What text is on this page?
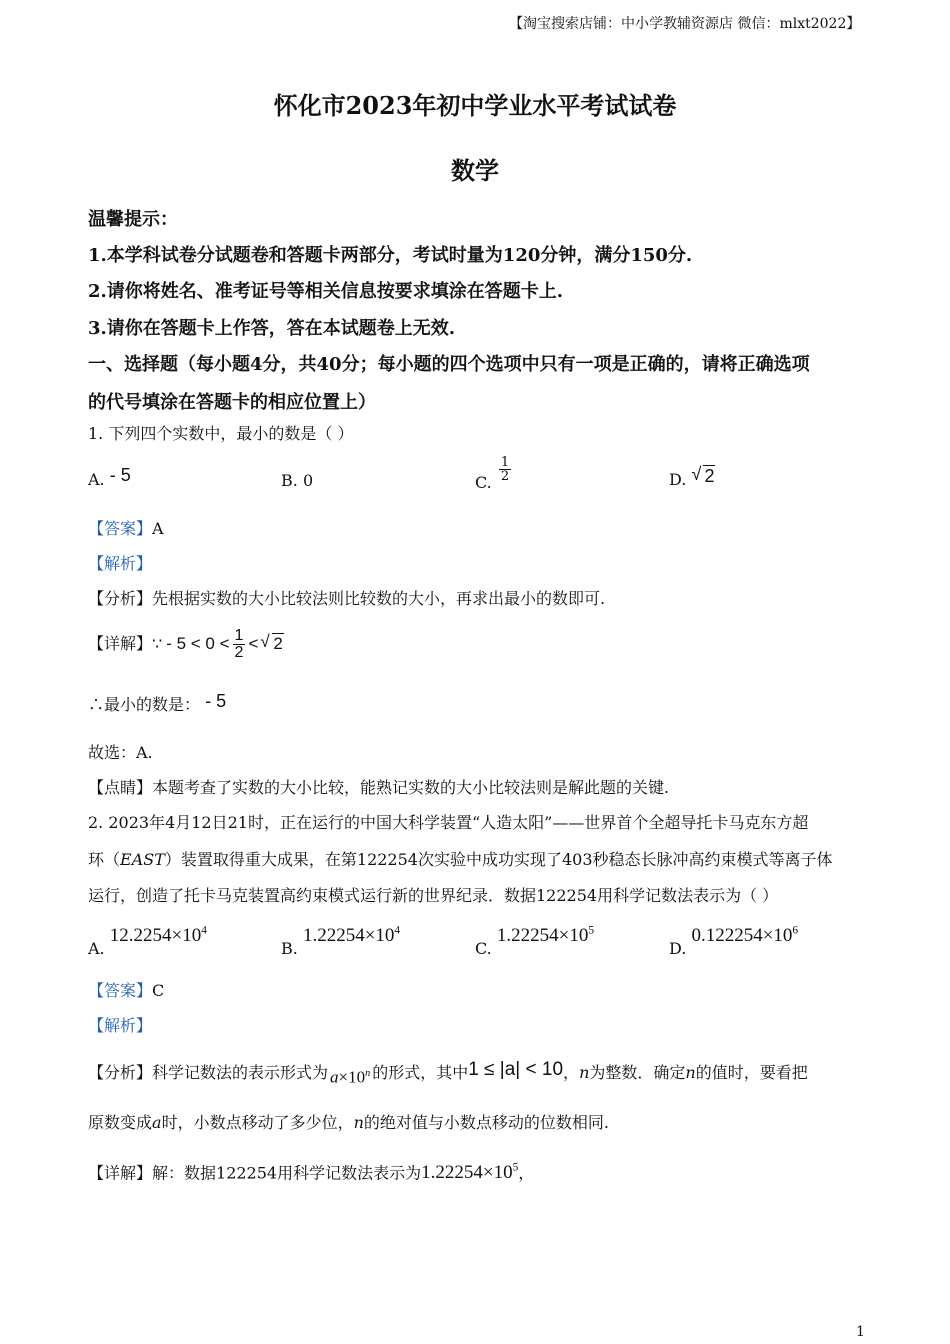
【淘宝搜索店铺：中小学教辅资源店 微信：mlxt2022】
怀化市2023年初中学业水平考试试卷
数学
温馨提示：
1.本学科试卷分试题卷和答题卡两部分，考试时量为120分钟，满分150分.
2.请你将姓名、准考证号等相关信息按要求填涂在答题卡上.
3.请你在答题卡上作答，答在本试题卷上无效.
一、选择题（每小题4分，共40分；每小题的四个选项中只有一项是正确的，请将正确选项
的代号填涂在答题卡的相应位置上）
1. 下列四个实数中，最小的数是（ ）
A. - 5	B. 0	C. $\frac{1}{2}$	D. √ 2
【答案】A
【解析】
【分析】先根据实数的大小比较法则比较数的大小，再求出最小的数即可.
【详解】 ∵ - $5 < 0 < \frac{1}{2}$ < √ 2
∴最小的数是： - 5
故选：A.
【点睛】本题考查了实数的大小比较，能熟记实数的大小比较法则是解此题的关键.
2. 2023年4月12日21时，正在运行的中国大科学装置“人造太阳”——世界首个全超导托卡马克东方超
环（EAST）装置取得重大成果，在第122254次实验中成功实现了403秒稳态长脉冲高约束模式等离子体
运行，创造了托卡马克装置高约束模式运行新的世界纪录．数据122254用科学记数法表示为（ ）
A. $12.2254\times 10^4$
B. $1.22254\times 10^4$
C. $1.22254\times 10^5$
D. $0.122254\times 10^6$
【答案】C
【解析】
【分析】 科学记数法的表示形式为 $a\times 10^n$ 的形式，其中 1 ≤ |a| < 10 ， n 为整数．确定 n 的值时，要看把
原数变成a时，小数点移动了多少位，n的绝对值与小数点移动的位数相同.
【详解】解：数据122254用科学记数法表示为$1.22254\times 10^5$，
1
